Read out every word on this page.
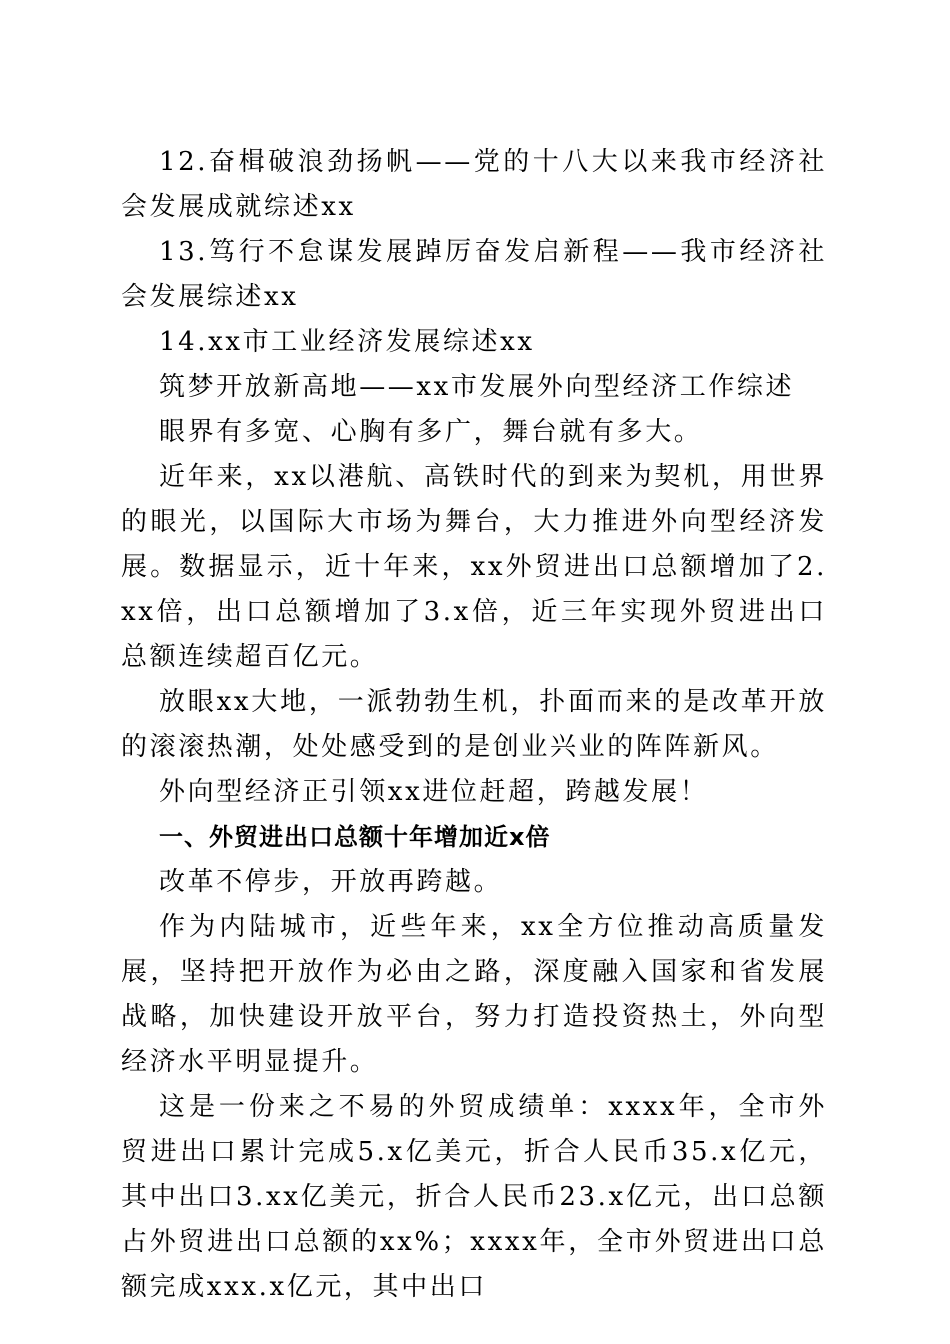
12.奋楫破浪劲扬帆——党的十八大以来我市经济社会发展成就综述xx

13.笃行不怠谋发展踔厉奋发启新程——我市经济社会发展综述xx

14.xx市工业经济发展综述xx

筑梦开放新高地——xx市发展外向型经济工作综述

眼界有多宽、心胸有多广，舞台就有多大。

近年来，xx以港航、高铁时代的到来为契机，用世界的眼光，以国际大市场为舞台，大力推进外向型经济发展。数据显示，近十年来，xx外贸进出口总额增加了2.xx倍，出口总额增加了3.x倍，近三年实现外贸进出口总额连续超百亿元。

放眼xx大地，一派勃勃生机，扑面而来的是改革开放的滚滚热潮，处处感受到的是创业兴业的阵阵新风。

外向型经济正引领xx进位赶超，跨越发展！

一、外贸进出口总额十年增加近x倍

改革不停步，开放再跨越。

作为内陆城市，近些年来，xx全方位推动高质量发展，坚持把开放作为必由之路，深度融入国家和省发展战略，加快建设开放平台，努力打造投资热土，外向型经济水平明显提升。

这是一份来之不易的外贸成绩单：xxxx年，全市外贸进出口累计完成5.x亿美元，折合人民币35.x亿元，其中出口3.xx亿美元，折合人民币23.x亿元，出口总额占外贸进出口总额的xx%；xxxx年，全市外贸进出口总额完成xxx.x亿元，其中出口
